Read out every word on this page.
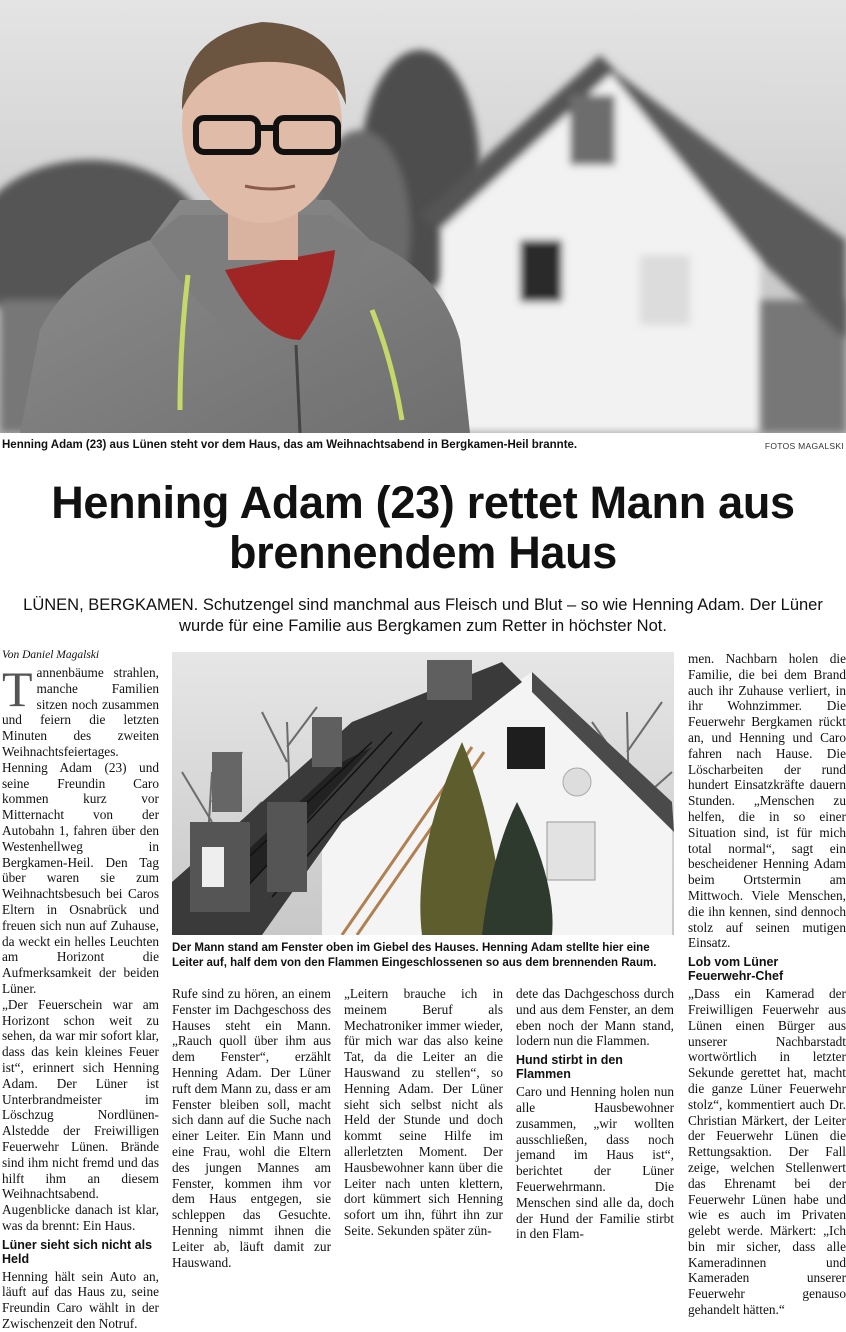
Henning Adam (23) aus Lünen steht vor dem Haus, das am Weihnachtsabend in Bergkamen-Heil brannte.	FOTOS MAGALSKI
Henning Adam (23) rettet Mann aus brennendem Haus
LÜNEN, BERGKAMEN. Schutzengel sind manchmal aus Fleisch und Blut – so wie Henning Adam. Der Lüner wurde für eine Familie aus Bergkamen zum Retter in höchster Not.
Von Daniel Magalski

Tannenbäume strahlen, manche Familien sitzen noch zusammen und feiern die letzten Minuten des zweiten Weihnachtsfeiertages. Henning Adam (23) und seine Freundin Caro kommen kurz vor Mitternacht von der Autobahn 1, fahren über den Westenhellweg in Bergkamen-Heil. Den Tag über waren sie zum Weihnachtsbesuch bei Caros Eltern in Osnabrück und freuen sich nun auf Zuhause, da weckt ein helles Leuchten am Horizont die Aufmerksamkeit der beiden Lüner.

„Der Feuerschein war am Horizont schon weit zu sehen, da war mir sofort klar, dass das kein kleines Feuer ist“, erinnert sich Henning Adam. Der Lüner ist Unterbrandmeister im Löschzug Nordlünen-Alstedde der Freiwilligen Feuerwehr Lünen. Brände sind ihm nicht fremd und das hilft ihm an diesem Weihnachtsabend. Augenblicke danach ist klar, was da brennt: Ein Haus.

Lüner sieht sich nicht als Held

Henning hält sein Auto an, läuft auf das Haus zu, seine Freundin Caro wählt in der Zwischenzeit den Notruf.

Der Mann stand am Fenster oben im Giebel des Hauses. Henning Adam stellte hier eine Leiter auf, half dem von den Flammen Eingeschlossenen so aus dem brennenden Raum.

Rufe sind zu hören, an einem Fenster im Dachgeschoss des Hauses steht ein Mann. „Rauch quoll über ihm aus dem Fenster“, erzählt Henning Adam. Der Lüner ruft dem Mann zu, dass er am Fenster bleiben soll, macht sich dann auf die Suche nach einer Leiter. Ein Mann und eine Frau, wohl die Eltern des jungen Mannes am Fenster, kommen ihm vor dem Haus entgegen, sie schleppen das Gesuchte. Henning nimmt ihnen die Leiter ab, läuft damit zur Hauswand.

„Leitern brauche ich in meinem Beruf als Mechatroniker immer wieder, für mich war das also keine Tat, da die Leiter an die Hauswand zu stellen“, so Henning Adam. Der Lüner sieht sich selbst nicht als Held der Stunde und doch kommt seine Hilfe im allerletzten Moment. Der Hausbewohner kann über die Leiter nach unten klettern, dort kümmert sich Henning sofort um ihn, führt ihn zur Seite. Sekunden später zün-

dete das Dachgeschoss durch und aus dem Fenster, an dem eben noch der Mann stand, lodern nun die Flammen.

Hund stirbt in den Flammen

Caro und Henning holen nun alle Hausbewohner zusammen, „wir wollten ausschließen, dass noch jemand im Haus ist“, berichtet der Lüner Feuerwehrmann. Die Menschen sind alle da, doch der Hund der Familie stirbt in den Flam-

men. Nachbarn holen die Familie, die bei dem Brand auch ihr Zuhause verliert, in ihr Wohnzimmer. Die Feuerwehr Bergkamen rückt an, und Henning und Caro fahren nach Hause. Die Löscharbeiten der rund hundert Einsatzkräfte dauern Stunden. „Menschen zu helfen, die in so einer Situation sind, ist für mich total normal“, sagt ein bescheidener Henning Adam beim Ortstermin am Mittwoch. Viele Menschen, die ihn kennen, sind dennoch stolz auf seinen mutigen Einsatz.

Lob vom Lüner Feuerwehr-Chef

„Dass ein Kamerad der Freiwilligen Feuerwehr aus Lünen einen Bürger aus unserer Nachbarstadt wortwörtlich in letzter Sekunde gerettet hat, macht die ganze Lüner Feuerwehr stolz“, kommentiert auch Dr. Christian Märkert, der Leiter der Feuerwehr Lünen die Rettungsaktion. Der Fall zeige, welchen Stellenwert das Ehrenamt bei der Feuerwehr Lünen habe und wie es auch im Privaten gelebt werde. Märkert: „Ich bin mir sicher, dass alle Kameradinnen und Kameraden unserer Feuerwehr genauso gehandelt hätten.“
